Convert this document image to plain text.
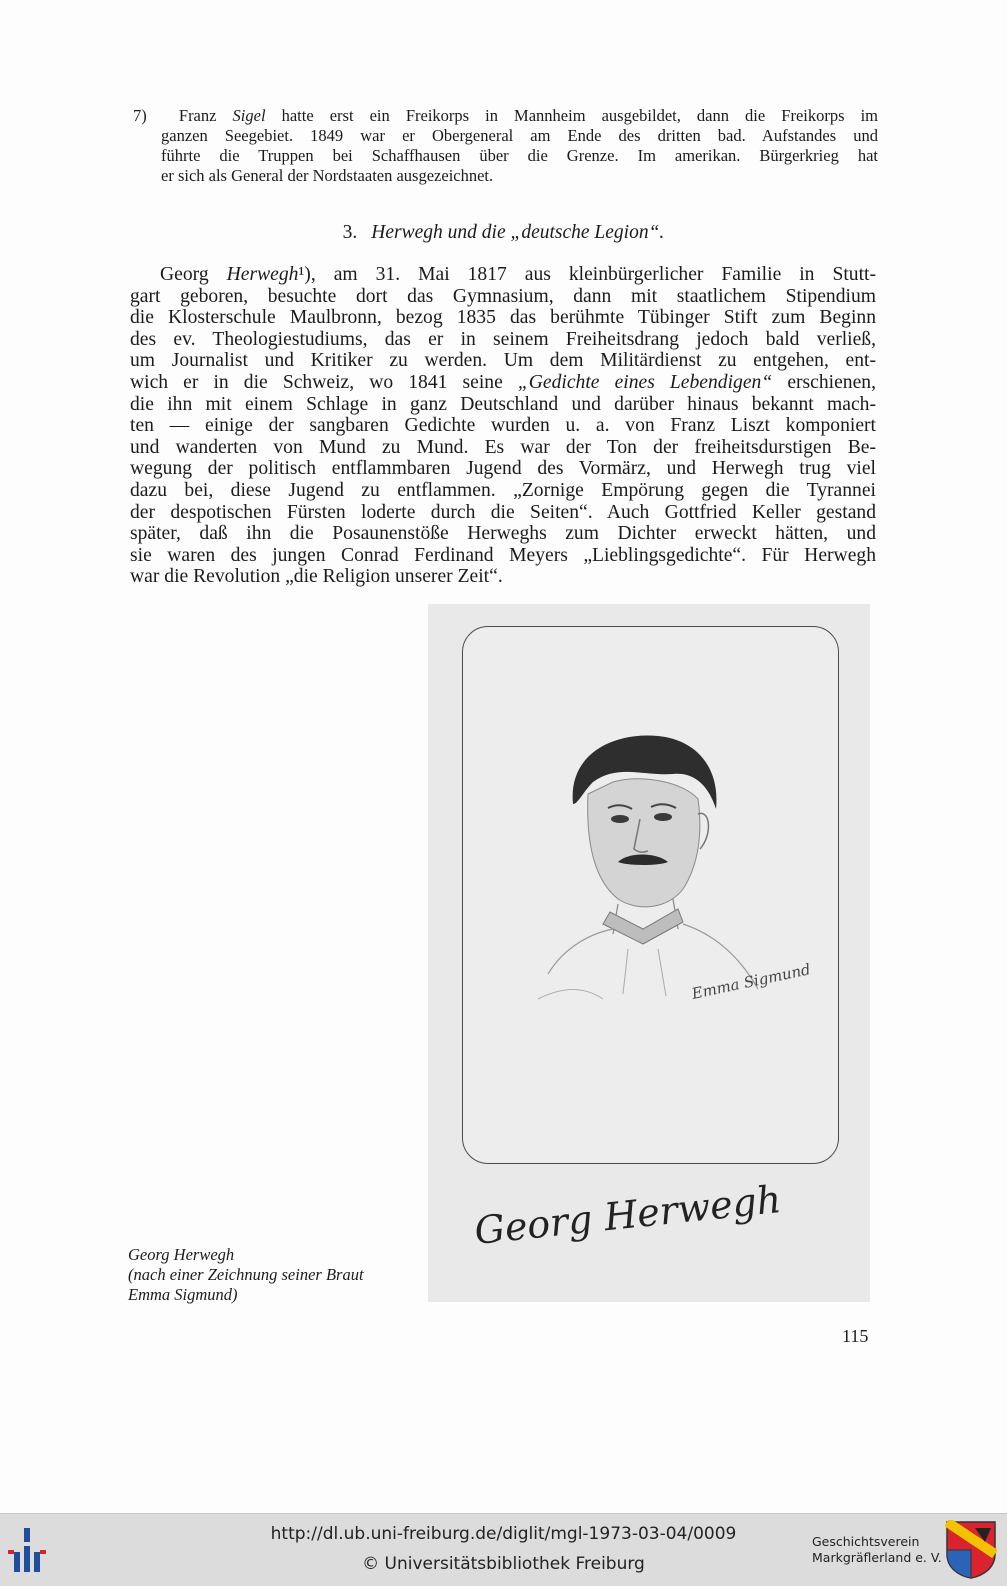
7) Franz Sigel hatte erst ein Freikorps in Mannheim ausgebildet, dann die Freikorps im
ganzen Seegebiet. 1849 war er Obergeneral am Ende des dritten bad. Aufstandes und
führte die Truppen bei Schaffhausen über die Grenze. Im amerikan. Bürgerkrieg hat
er sich als General der Nordstaaten ausgezeichnet.
3. Herwegh und die „deutsche Legion“.
Georg Herwegh¹), am 31. Mai 1817 aus kleinbürgerlicher Familie in Stutt-
gart geboren, besuchte dort das Gymnasium, dann mit staatlichem Stipendium
die Klosterschule Maulbronn, bezog 1835 das berühmte Tübinger Stift zum Beginn
des ev. Theologiestudiums, das er in seinem Freiheitsdrang jedoch bald verließ,
um Journalist und Kritiker zu werden. Um dem Militärdienst zu entgehen, ent-
wich er in die Schweiz, wo 1841 seine „Gedichte eines Lebendigen“ erschienen,
die ihn mit einem Schlage in ganz Deutschland und darüber hinaus bekannt mach-
ten — einige der sangbaren Gedichte wurden u. a. von Franz Liszt komponiert
und wanderten von Mund zu Mund. Es war der Ton der freiheitsdurstigen Be-
wegung der politisch entflammbaren Jugend des Vormärz, und Herwegh trug viel
dazu bei, diese Jugend zu entflammen. „Zornige Empörung gegen die Tyrannei
der despotischen Fürsten loderte durch die Seiten“. Auch Gottfried Keller gestand
später, daß ihn die Posaunenstöße Herweghs zum Dichter erweckt hätten, und
sie waren des jungen Conrad Ferdinand Meyers „Lieblingsgedichte“. Für Herwegh
war die Revolution „die Religion unserer Zeit“.
Emma Sigmund
Georg Herwegh
Georg Herwegh
(nach einer Zeichnung seiner Braut
Emma Sigmund)
115
http://dl.ub.uni-freiburg.de/diglit/mgl-1973-03-04/0009
© Universitätsbibliothek Freiburg
Geschichtsverein
Markgräflerland e. V.
